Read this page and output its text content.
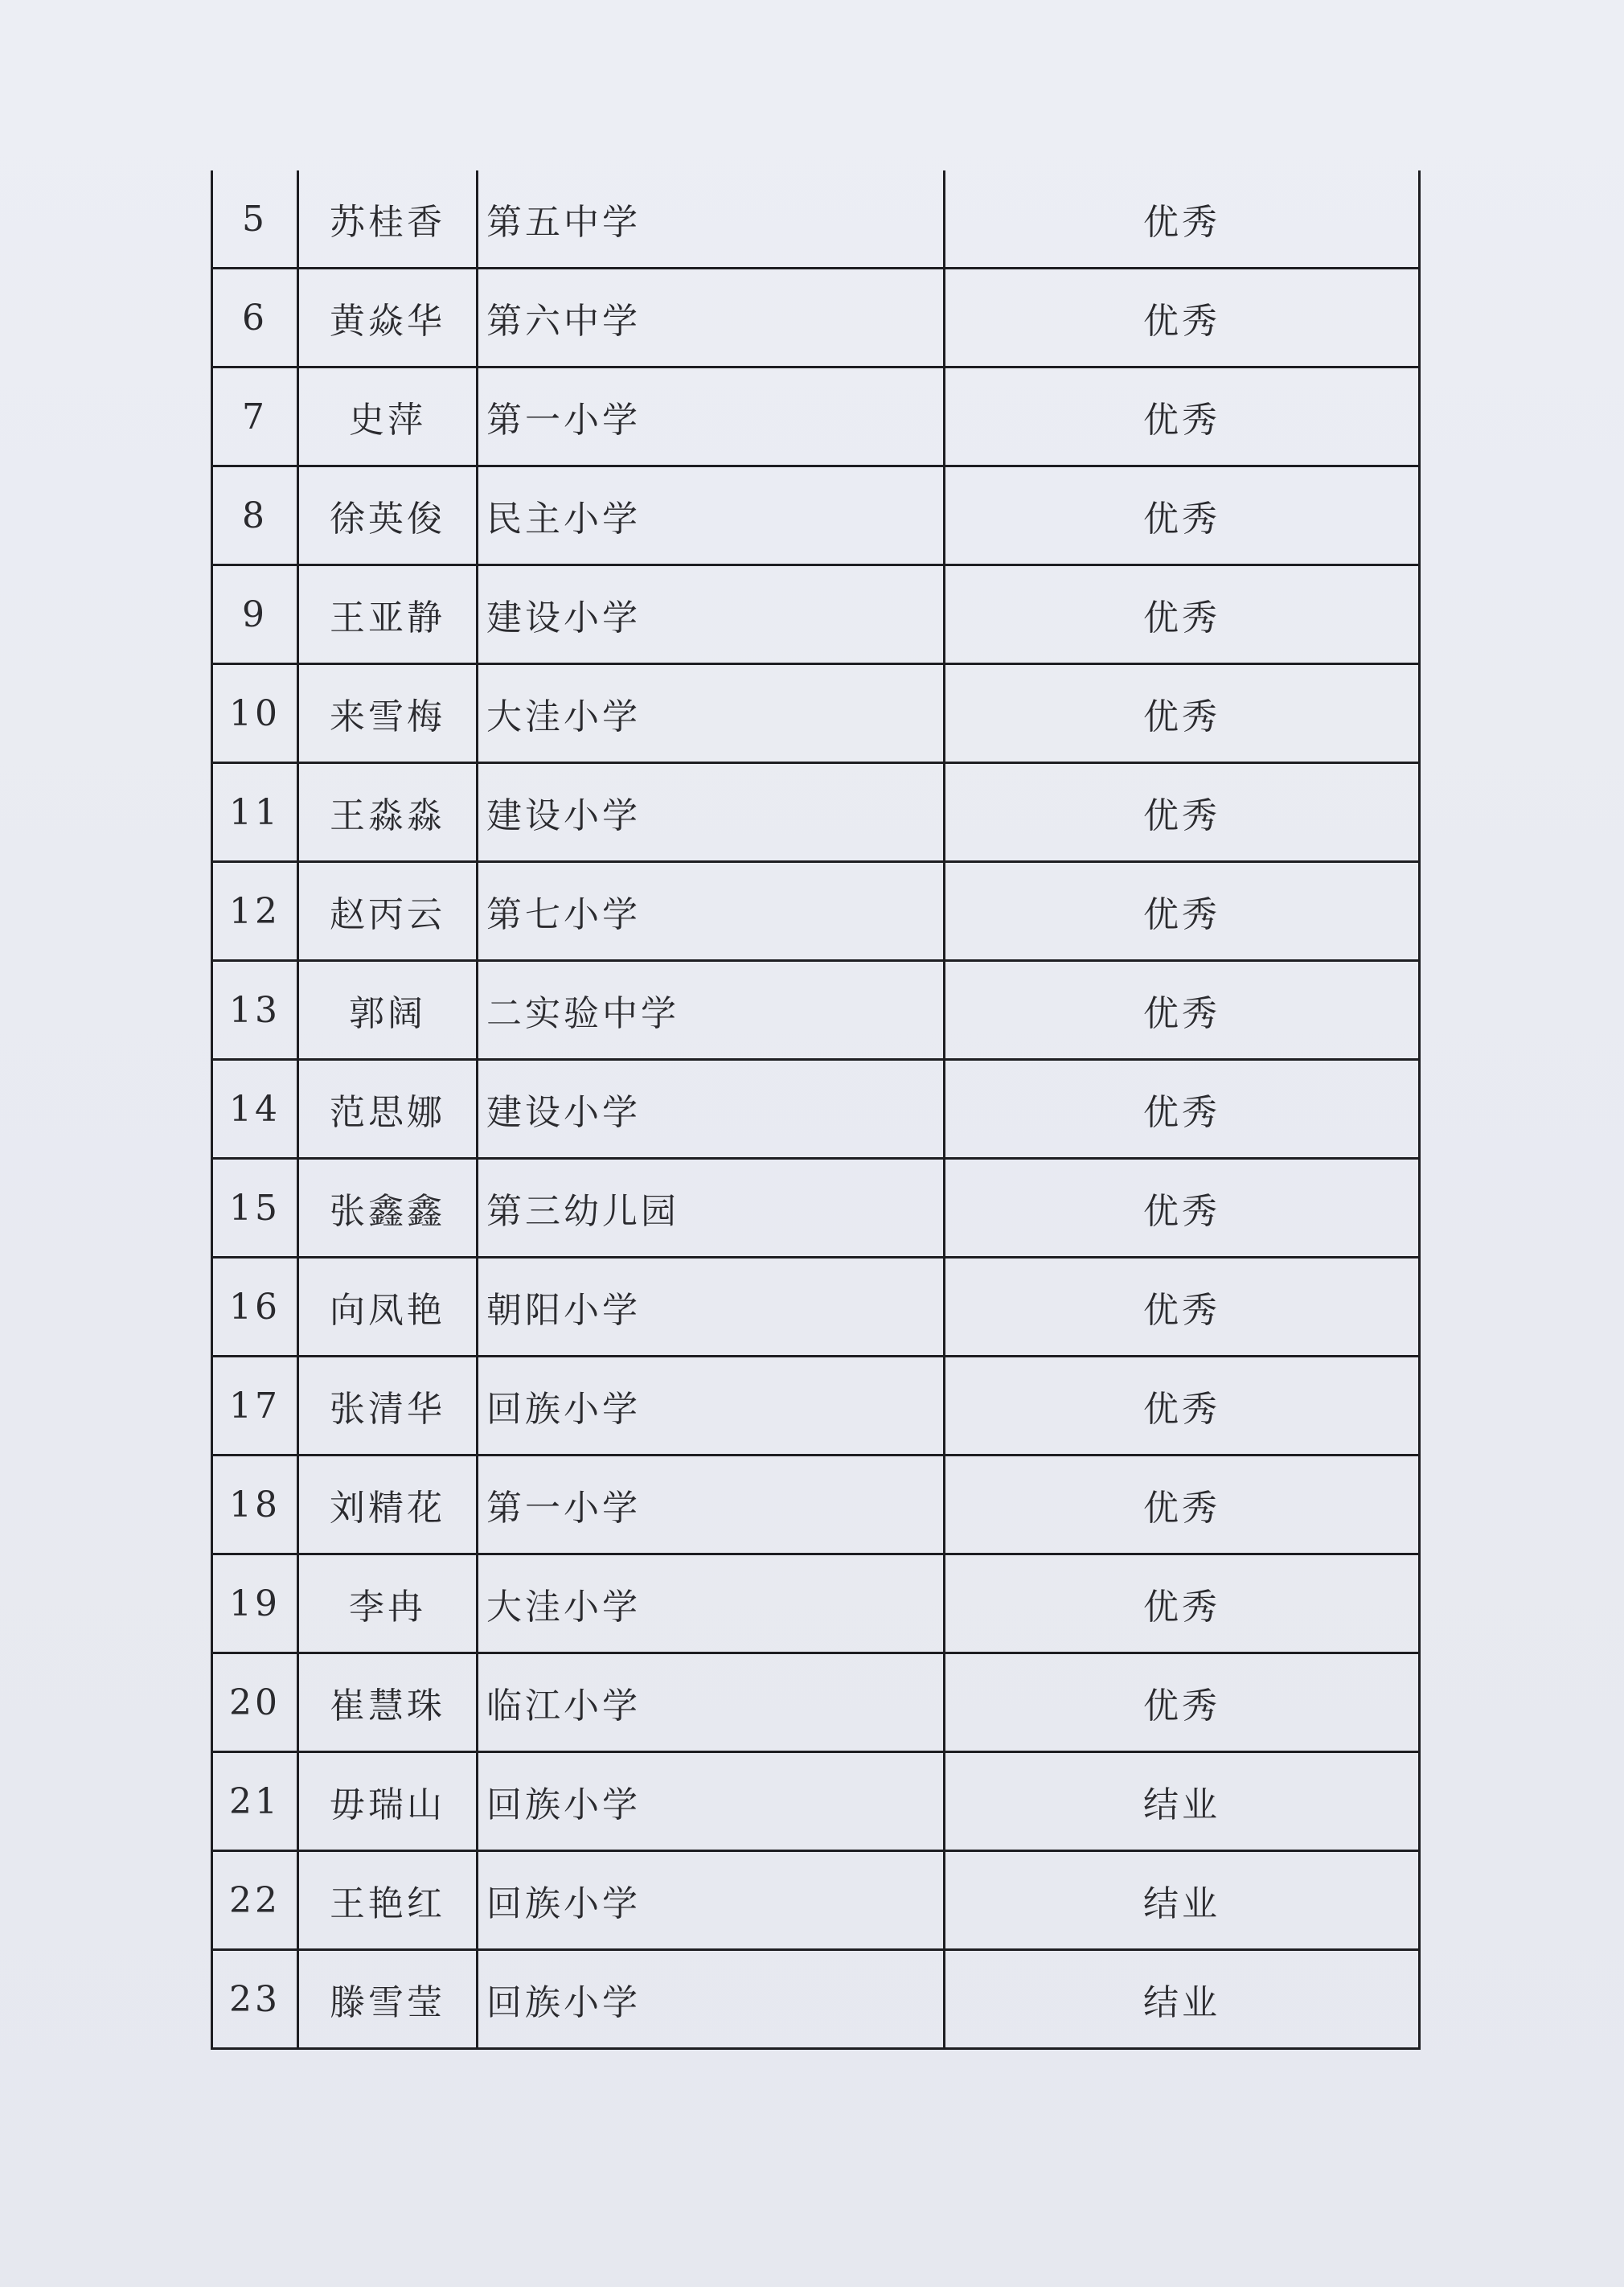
5	苏桂香	第五中学	优秀
6	黄焱华	第六中学	优秀
7	史萍	第一小学	优秀
8	徐英俊	民主小学	优秀
9	王亚静	建设小学	优秀
10	来雪梅	大洼小学	优秀
11	王淼淼	建设小学	优秀
12	赵丙云	第七小学	优秀
13	郭阔	二实验中学	优秀
14	范思娜	建设小学	优秀
15	张鑫鑫	第三幼儿园	优秀
16	向凤艳	朝阳小学	优秀
17	张清华	回族小学	优秀
18	刘精花	第一小学	优秀
19	李冉	大洼小学	优秀
20	崔慧珠	临江小学	优秀
21	毋瑞山	回族小学	结业
22	王艳红	回族小学	结业
23	滕雪莹	回族小学	结业
